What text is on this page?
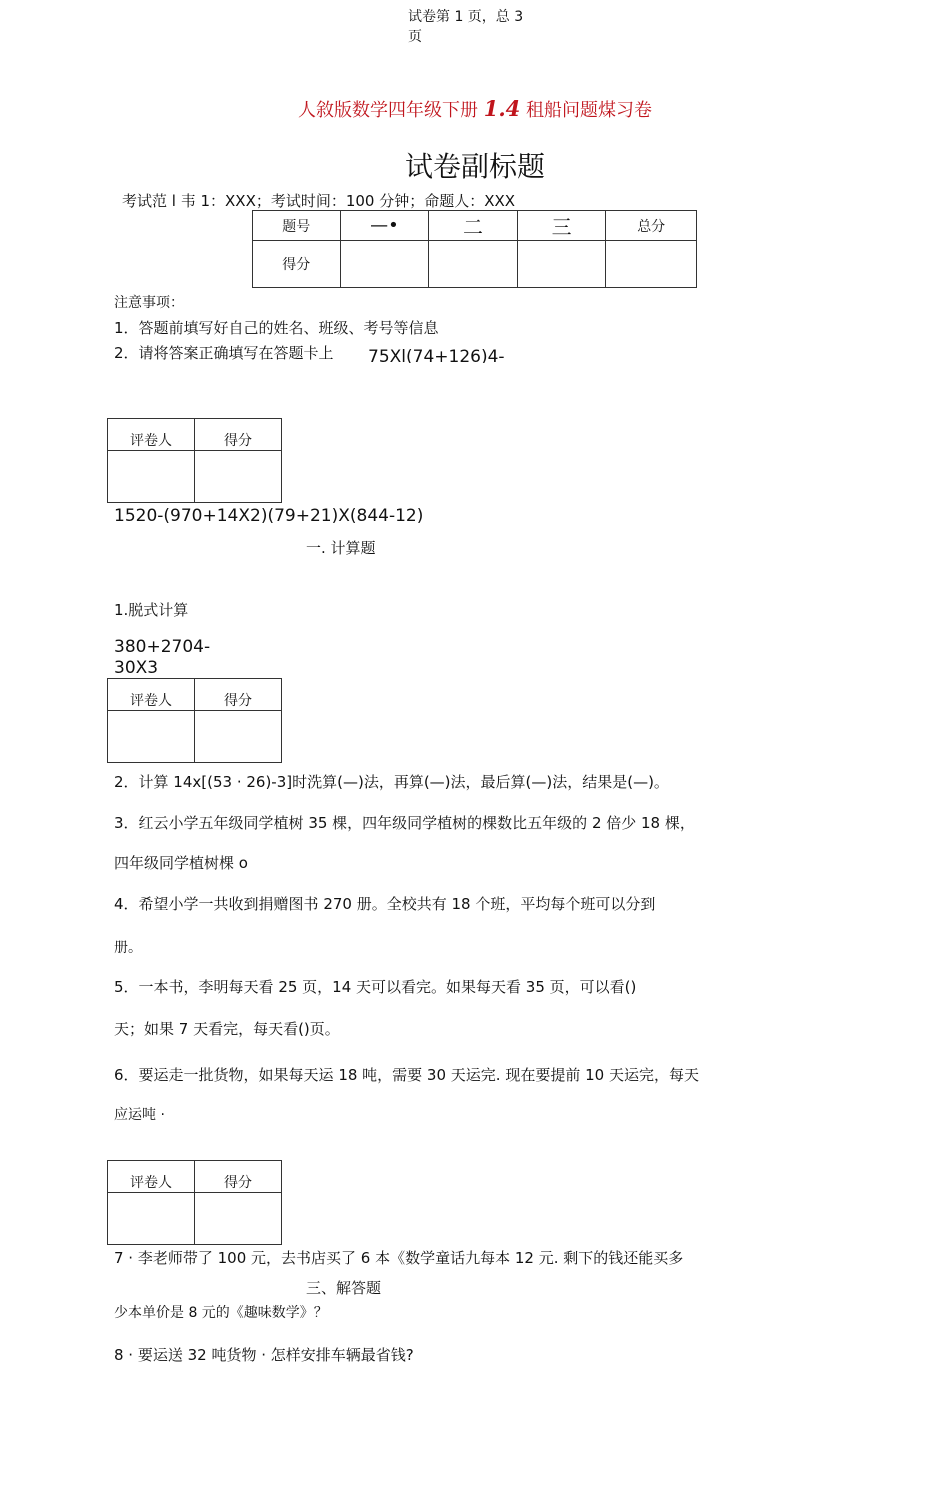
试卷第 1 页，总 3
页
人敘版数学四年级下册 1.4 租船问题煤习卷
试卷副标题
考试范 l 韦 1：XXX；考试时间：100 分钟；命题人：XXX
题号	—•	二	三	总分
得分				
注意事项：
1．答题前填写好自己的姓名、班级、考号等信息
2．请将答案正确填写在答题卡上 75Xl(74+126)4-
评卷人	得分

1520-(970+14X2)(79+21)X(844-12)
一. 计算题
1.脱式计算
380+2704-
30X3
评卷人	得分

2．计算 14x[(53 · 26)-3]时洗算(—)法，再算(—)法，最后算(—)法，结果是(—)。
3．红云小学五年级同学植树 35 棵，四年级同学植树的棵数比五年级的 2 倍少 18 棵，
四年级同学植树棵 o
4．希望小学一共收到捐赠图书 270 册。全校共有 18 个班，平均每个班可以分到
册。
5．一本书，李明每天看 25 页，14 天可以看完。如果每天看 35 页，可以看()
天；如果 7 天看完，每天看()页。
6．要运走一批货物，如果每天运 18 吨，需要 30 天运完. 现在要提前 10 天运完，每天
应运吨 ·
评卷人	得分

7 · 李老师带了 100 元，去书店买了 6 本《数学童话九每本 12 元. 剩下的钱还能买多
三、解答题
少本单价是 8 元的《趣味数学》？
8 · 要运送 32 吨货物 · 怎样安排车辆最省钱?
